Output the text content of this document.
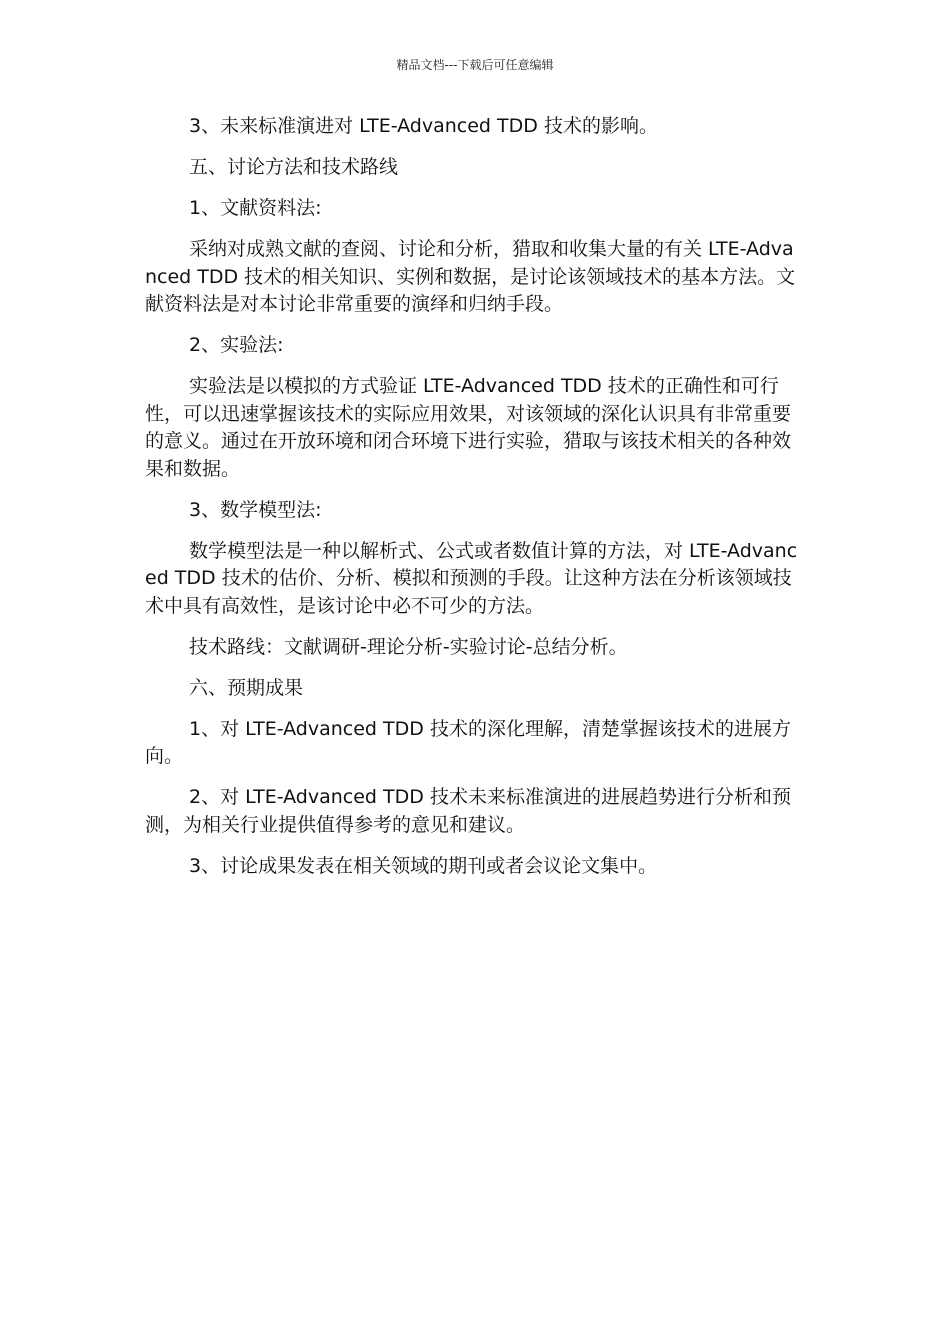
精品文档---下载后可任意编辑

3、未来标准演进对 LTE-Advanced TDD 技术的影响。

五、讨论方法和技术路线

1、文献资料法:

采纳对成熟文献的查阅、讨论和分析，猎取和收集大量的有关 LTE-Advanced TDD 技术的相关知识、实例和数据，是讨论该领域技术的基本方法。文献资料法是对本讨论非常重要的演绎和归纳手段。

2、实验法:

实验法是以模拟的方式验证 LTE-Advanced TDD 技术的正确性和可行性，可以迅速掌握该技术的实际应用效果，对该领域的深化认识具有非常重要的意义。通过在开放环境和闭合环境下进行实验，猎取与该技术相关的各种效果和数据。

3、数学模型法:

数学模型法是一种以解析式、公式或者数值计算的方法，对 LTE-Advanced TDD 技术的估价、分析、模拟和预测的手段。让这种方法在分析该领域技术中具有高效性，是该讨论中必不可少的方法。

技术路线：文献调研-理论分析-实验讨论-总结分析。

六、预期成果

1、对 LTE-Advanced TDD 技术的深化理解，清楚掌握该技术的进展方向。

2、对 LTE-Advanced TDD 技术未来标准演进的进展趋势进行分析和预测，为相关行业提供值得参考的意见和建议。

3、讨论成果发表在相关领域的期刊或者会议论文集中。
